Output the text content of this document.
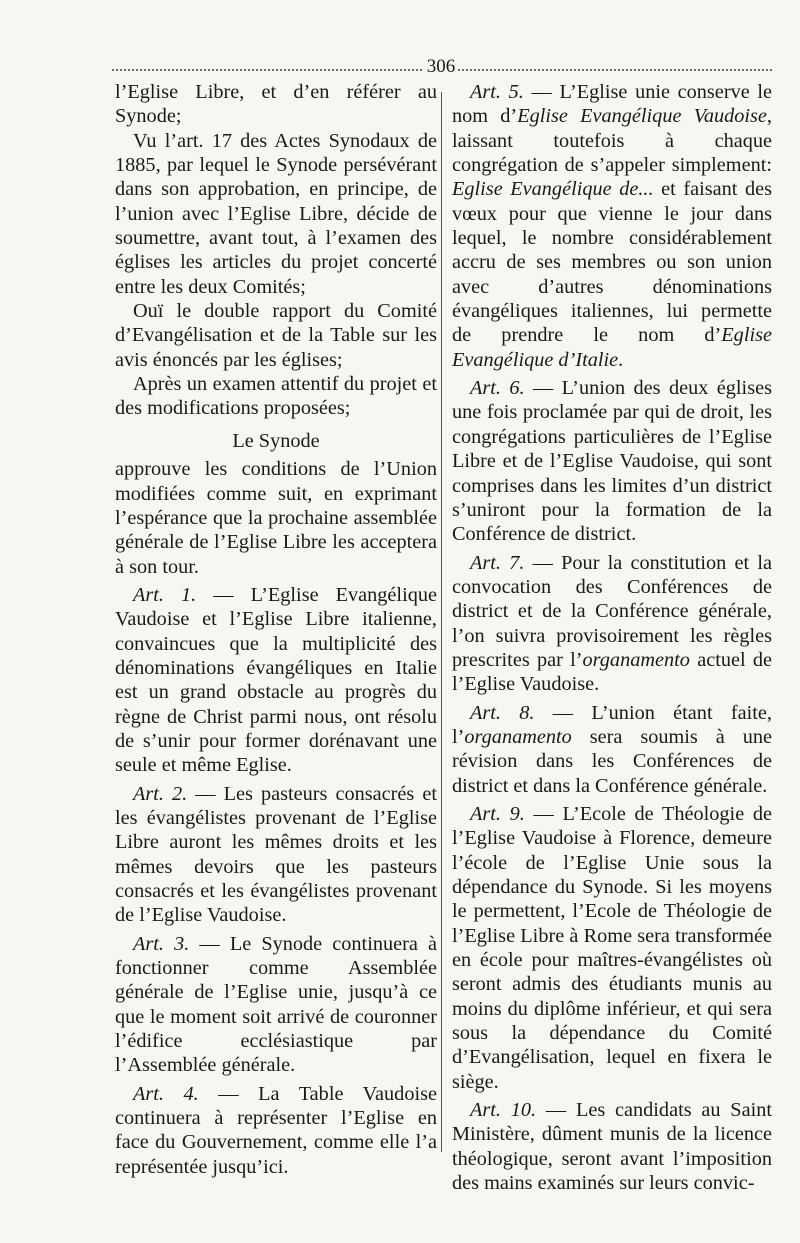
306

l’Eglise Libre, et d’en référer au Synode;

Vu l’art. 17 des Actes Synodaux de 1885, par lequel le Synode persévérant dans son approbation, en principe, de l’union avec l’Eglise Libre, décide de soumettre, avant tout, à l’examen des églises les articles du projet concerté entre les deux Comités;

Ouï le double rapport du Comité d’Evangélisation et de la Table sur les avis énoncés par les églises;

Après un examen attentif du projet et des modifications proposées;

Le Synode

approuve les conditions de l’Union modifiées comme suit, en exprimant l’espérance que la prochaine assemblée générale de l’Eglise Libre les acceptera à son tour.

Art. 1. — L’Eglise Evangélique Vaudoise et l’Eglise Libre italienne, convaincues que la multiplicité des dénominations évangéliques en Italie est un grand obstacle au progrès du règne de Christ parmi nous, ont résolu de s’unir pour former dorénavant une seule et même Eglise.

Art. 2. — Les pasteurs consacrés et les évangélistes provenant de l’Eglise Libre auront les mêmes droits et les mêmes devoirs que les pasteurs consacrés et les évangélistes provenant de l’Eglise Vaudoise.

Art. 3. — Le Synode continuera à fonctionner comme Assemblée générale de l’Eglise unie, jusqu’à ce que le moment soit arrivé de couronner l’édifice ecclésiastique par l’Assemblée générale.

Art. 4. — La Table Vaudoise continuera à représenter l’Eglise en face du Gouvernement, comme elle l’a représentée jusqu’ici.

Art. 5. — L’Eglise unie conserve le nom d’Eglise Evangélique Vaudoise, laissant toutefois à chaque congrégation de s’appeler simplement: Eglise Evangélique de... et faisant des vœux pour que vienne le jour dans lequel, le nombre considérablement accru de ses membres ou son union avec d’autres dénominations évangéliques italiennes, lui permette de prendre le nom d’Eglise Evangélique d’Italie.

Art. 6. — L’union des deux églises une fois proclamée par qui de droit, les congrégations particulières de l’Eglise Libre et de l’Eglise Vaudoise, qui sont comprises dans les limites d’un district s’uniront pour la formation de la Conférence de district.

Art. 7. — Pour la constitution et la convocation des Conférences de district et de la Conférence générale, l’on suivra provisoirement les règles prescrites par l’organamento actuel de l’Eglise Vaudoise.

Art. 8. — L’union étant faite, l’organamento sera soumis à une révision dans les Conférences de district et dans la Conférence générale.

Art. 9. — L’Ecole de Théologie de l’Eglise Vaudoise à Florence, demeure l’école de l’Eglise Unie sous la dépendance du Synode. Si les moyens le permettent, l’Ecole de Théologie de l’Eglise Libre à Rome sera transformée en école pour maîtres-évangélistes où seront admis des étudiants munis au moins du diplôme inférieur, et qui sera sous la dépendance du Comité d’Evangélisation, lequel en fixera le siège.

Art. 10. — Les candidats au Saint Ministère, dûment munis de la licence théologique, seront avant l’imposition des mains examinés sur leurs convic-
